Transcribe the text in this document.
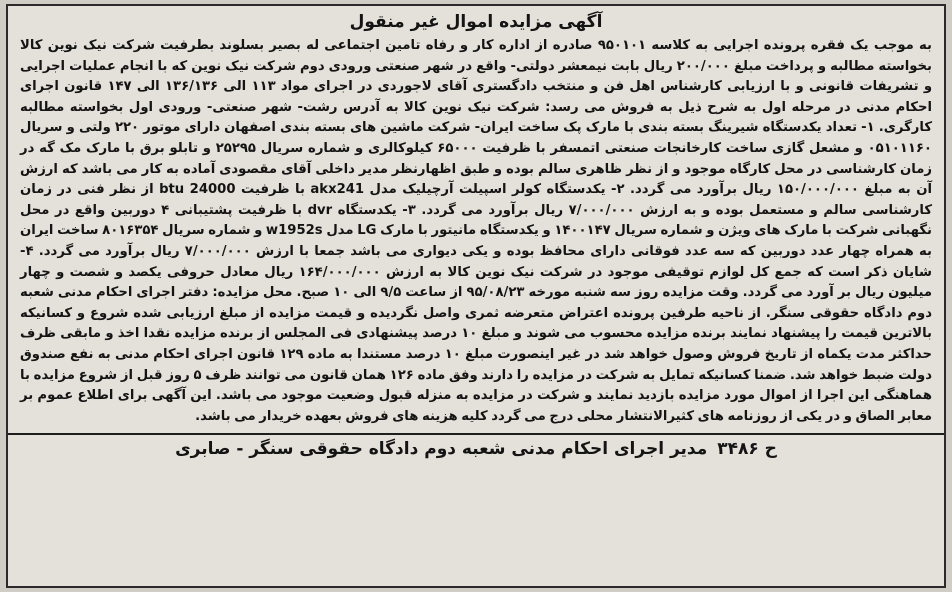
آگهی مزایده اموال غیر منقول

به موجب یک فقره پرونده اجرایی به کلاسه ۹۵۰۱۰۱ صادره از اداره کار و رفاه تامین اجتماعی له بصیر بسلوند بطرفیت شرکت نیک نوین کالا بخواسته مطالبه و پرداخت مبلغ ۲۰۰/۰۰۰ ریال بابت نیمعشر دولتی- واقع در شهر صنعتی ورودی دوم شرکت نیک نوین که با انجام عملیات اجرایی و تشریفات قانونی و با ارزیابی کارشناس اهل فن و منتخب دادگستری آقای لاجوردی در اجرای مواد ۱۱۳ الی ۱۳۶/۱۳۶ الی ۱۴۷ قانون اجرای احکام مدنی در مرحله اول به شرح ذیل به فروش می رسد: شرکت نیک نوین کالا به آدرس رشت- شهر صنعتی- ورودی اول بخواسته مطالبه کارگری. ۱- تعداد یکدستگاه شیرینگ بسته بندی با مارک پک ساخت ایران- شرکت ماشین های بسته بندی اصفهان دارای موتور ۲۲۰ ولتی و سریال ۰۵۱۰۱۱۶۰ و مشعل گازی ساخت کارخانجات صنعتی اتمسفر با ظرفیت ۶۵۰۰۰ کیلوکالری و شماره سریال ۲۵۲۹۵ و تابلو برق با مارک مک گه در زمان کارشناسی در محل کارگاه موجود و از نظر ظاهری سالم بوده و طبق اظهارنظر مدیر داخلی آقای مقصودی آماده به کار می باشد که ارزش آن به مبلغ ۱۵۰/۰۰۰/۰۰۰ ریال برآورد می گردد. ۲- یکدستگاه کولر اسپیلت آرچیلیک مدل akx241 با ظرفیت 24000 btu از نظر فنی در زمان کارشناسی سالم و مستعمل بوده و به ارزش ۷/۰۰۰/۰۰۰ ریال برآورد می گردد. ۳- یکدستگاه dvr با ظرفیت پشتیبانی ۴ دوربین واقع در محل نگهبانی شرکت با مارک های ویژن و شماره سریال ۱۴۰۰۱۴۷ و یکدستگاه مانیتور با مارک LG مدل w1952s و شماره سریال ۸۰۱۶۳۵۴ ساخت ایران به همراه چهار عدد دوربین که سه عدد فوقانی دارای محافظ بوده و یکی دیواری می باشد جمعا با ارزش ۷/۰۰۰/۰۰۰ ریال برآورد می گردد. ۴- شایان ذکر است که جمع کل لوازم توقیفی موجود در شرکت نیک نوین کالا به ارزش ۱۶۴/۰۰۰/۰۰۰ ریال معادل حروفی یکصد و شصت و چهار میلیون ریال بر آورد می گردد. وقت مزایده روز سه شنبه مورخه ۹۵/۰۸/۲۳ از ساعت ۹/۵ الی ۱۰ صبح. محل مزایده: دفتر اجرای احکام مدنی شعبه دوم دادگاه حقوقی سنگر. از ناحیه طرفین پرونده اعتراض متعرضه ثمری واصل نگردیده و قیمت مزایده از مبلغ ارزیابی شده شروع و کسانیکه بالاترین قیمت را پیشنهاد نمایند برنده مزایده محسوب می شوند و مبلغ ۱۰ درصد پیشنهادی فی المجلس از برنده مزایده نقدا اخذ و مابقی ظرف حداکثر مدت یکماه از تاریخ فروش وصول خواهد شد در غیر اینصورت مبلغ ۱۰ درصد مستندا به ماده ۱۲۹ قانون اجرای احکام مدنی به نفع صندوق دولت ضبط خواهد شد. ضمنا کسانیکه تمایل به شرکت در مزایده را دارند وفق ماده ۱۲۶ همان قانون می توانند ظرف ۵ روز قبل از شروع مزایده با هماهنگی این اجرا از اموال مورد مزایده بازدید نمایند و شرکت در مزایده به منزله قبول وضعیت موجود می باشد. این آگهی برای اطلاع عموم بر معابر الصاق و در یکی از روزنامه های کثیرالانتشار محلی درج می گردد کلیه هزینه های فروش بعهده خریدار می باشد.

ح ۳۴۸۶
مدیر اجرای احکام مدنی شعبه دوم دادگاه حقوقی سنگر - صابری
